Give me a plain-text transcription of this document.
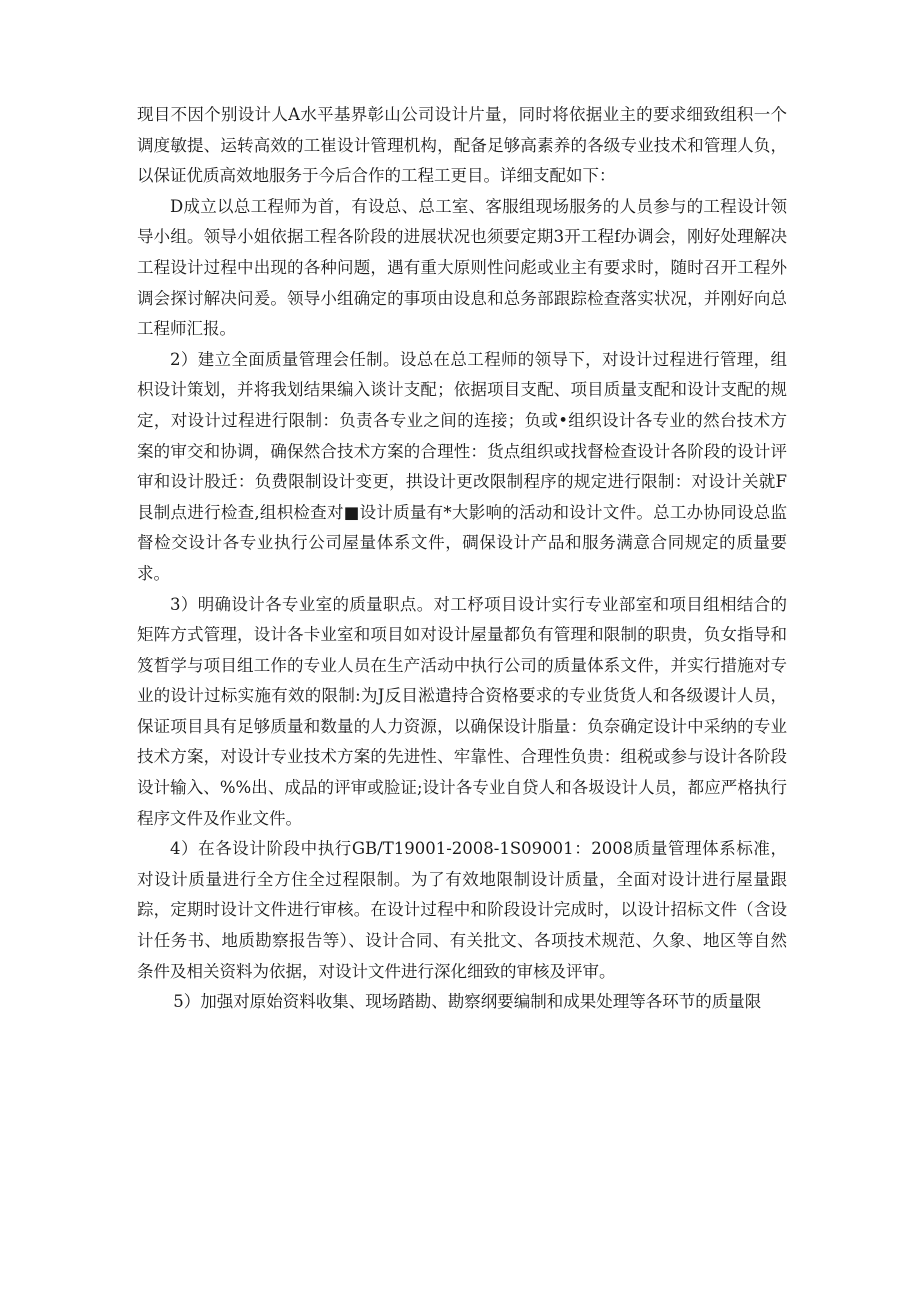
现目不因个别设计人A水平基界彰山公司设计片量，同时将依据业主的要求细致组积一个调度敏提、运转高效的工崔设计管理机构，配备足够高素养的各级专业技术和管理人负，以保证优质高效地服务于今后合作的工程工更目。详细支配如下：

D成立以总工程师为首，有设总、总工室、客服组现场服务的人员参与的工程设计领导小组。领导小姐依据工程各阶段的进展状况也须要定期3开工程f办调会，刚好处理解决工程设计过程中出现的各种问题，遇有重大原则性问彪或业主有要求时，随时召开工程外调会探讨解决问爰。领导小组确定的事项由设息和总务部跟踪检查落实状况，并刚好向总工程师汇报。

2）建立全面质量管理会任制。设总在总工程师的领导下，对设计过程进行管理，组枳设计策划，并将我划结果编入谈计支配；依据项目支配、项目质量支配和设计支配的规定，对设计过程进行限制：负责各专业之间的连接；负或•组织设计各专业的然台技术方案的审交和协调，确保然合技术方案的合理性：货点组织或找督检查设计各阶段的设计评审和设计股迁：负费限制设计变更，拱设计更改限制程序的规定进行限制：对设计关就F艮制点进行检查,组枳检查对■设计质量有*大影响的活动和设计文件。总工办协同设总监督检交设计各专业执行公司屋量体系文件，碉保设计产品和服务满意合同规定的质量要求。

3）明确设计各专业室的质量职点。对工杼项目设计实行专业部室和项目组相结合的矩阵方式管理，设计各卡业室和项目如对设计屋量都负有管理和限制的职贵，负女指导和笈晳学与项目组工作的专业人员在生产活动中执行公司的质量体系文件，并实行措施对专业的设计过标实施有效的限制:为J反目淞遣持合资格要求的专业货货人和各级谡计人员，保证项目具有足够质量和数量的人力资源，以确保设计脂量：负奈确定设计中采纳的专业技术方案，对设计专业技术方案的先进性、牢靠性、合理性负贵：组税或参与设计各阶段设计输入、%%出、成品的评审或脸证;设计各专业自贷人和各圾设计人员，都应严格执行程序文件及作业文件。

4）在各设计阶段中执行GB/T19001-2008-1S09001：2008质量管理体系标准，对设计质量进行全方住全过程限制。为了有效地限制设计质量，全面对设计进行屋量跟踪，定期时设计文件进行审核。在设计过程中和阶段设计完成时，以设计招标文件（含设计任务书、地质勘察报告等）、设计合同、有关批文、各项技术规范、久象、地区等自然条件及相关资料为依据，对设计文件进行深化细致的审核及评审。

5）加强对原始资料收集、现场踏勘、勘察纲要编制和成果处理等各环节的质量限
